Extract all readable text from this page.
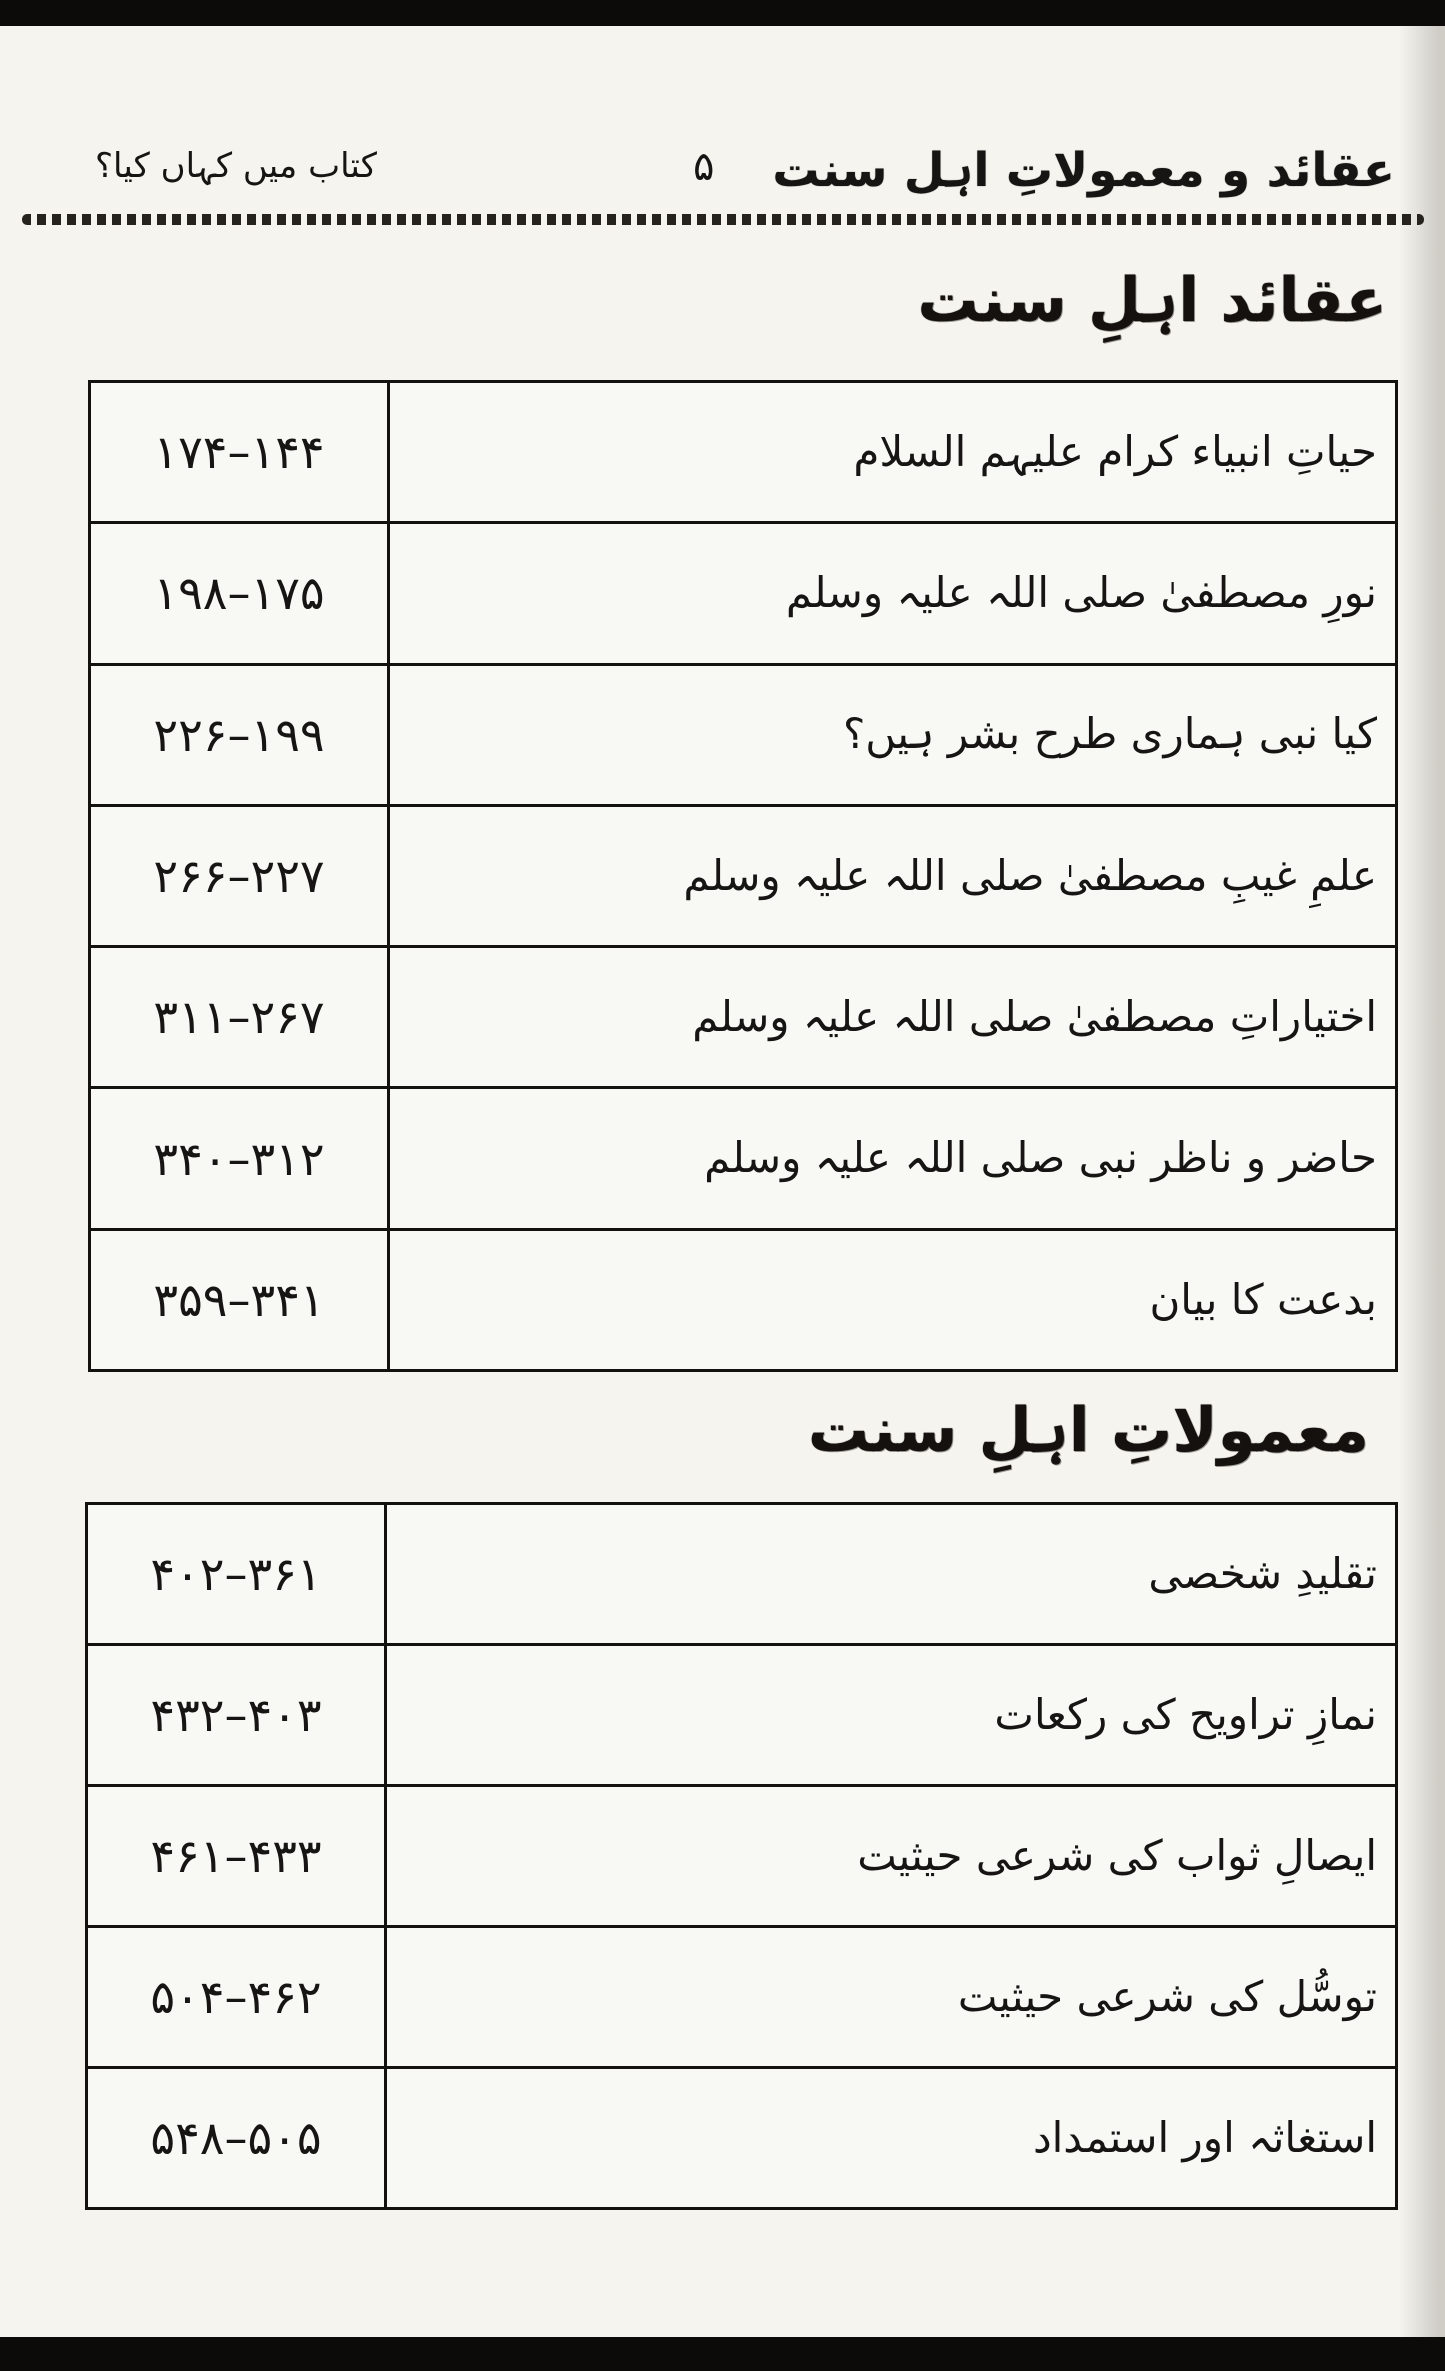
کتاب میں کہاں کیا؟	۵ عقائد و معمولاتِ اہل سنت
عقائد اہلِ سنت
۱۷۴–۱۴۴	حیاتِ انبیاء کرام علیہم السلام
۱۹۸–۱۷۵	نورِ مصطفیٰ صلی اللہ علیہ وسلم
۲۲۶–۱۹۹	کیا نبی ہماری طرح بشر ہیں؟
۲۶۶–۲۲۷	علمِ غیبِ مصطفیٰ صلی اللہ علیہ وسلم
۳۱۱–۲۶۷	اختیاراتِ مصطفیٰ صلی اللہ علیہ وسلم
۳۴۰–۳۱۲	حاضر و ناظر نبی صلی اللہ علیہ وسلم
۳۵۹–۳۴۱	بدعت کا بیان
معمولاتِ اہلِ سنت
۴۰۲–۳۶۱	تقلیدِ شخصی
۴۳۲–۴۰۳	نمازِ تراویح کی رکعات
۴۶۱–۴۳۳	ایصالِ ثواب کی شرعی حیثیت
۵۰۴–۴۶۲	توسُّل کی شرعی حیثیت
۵۴۸–۵۰۵	استغاثہ اور استمداد
